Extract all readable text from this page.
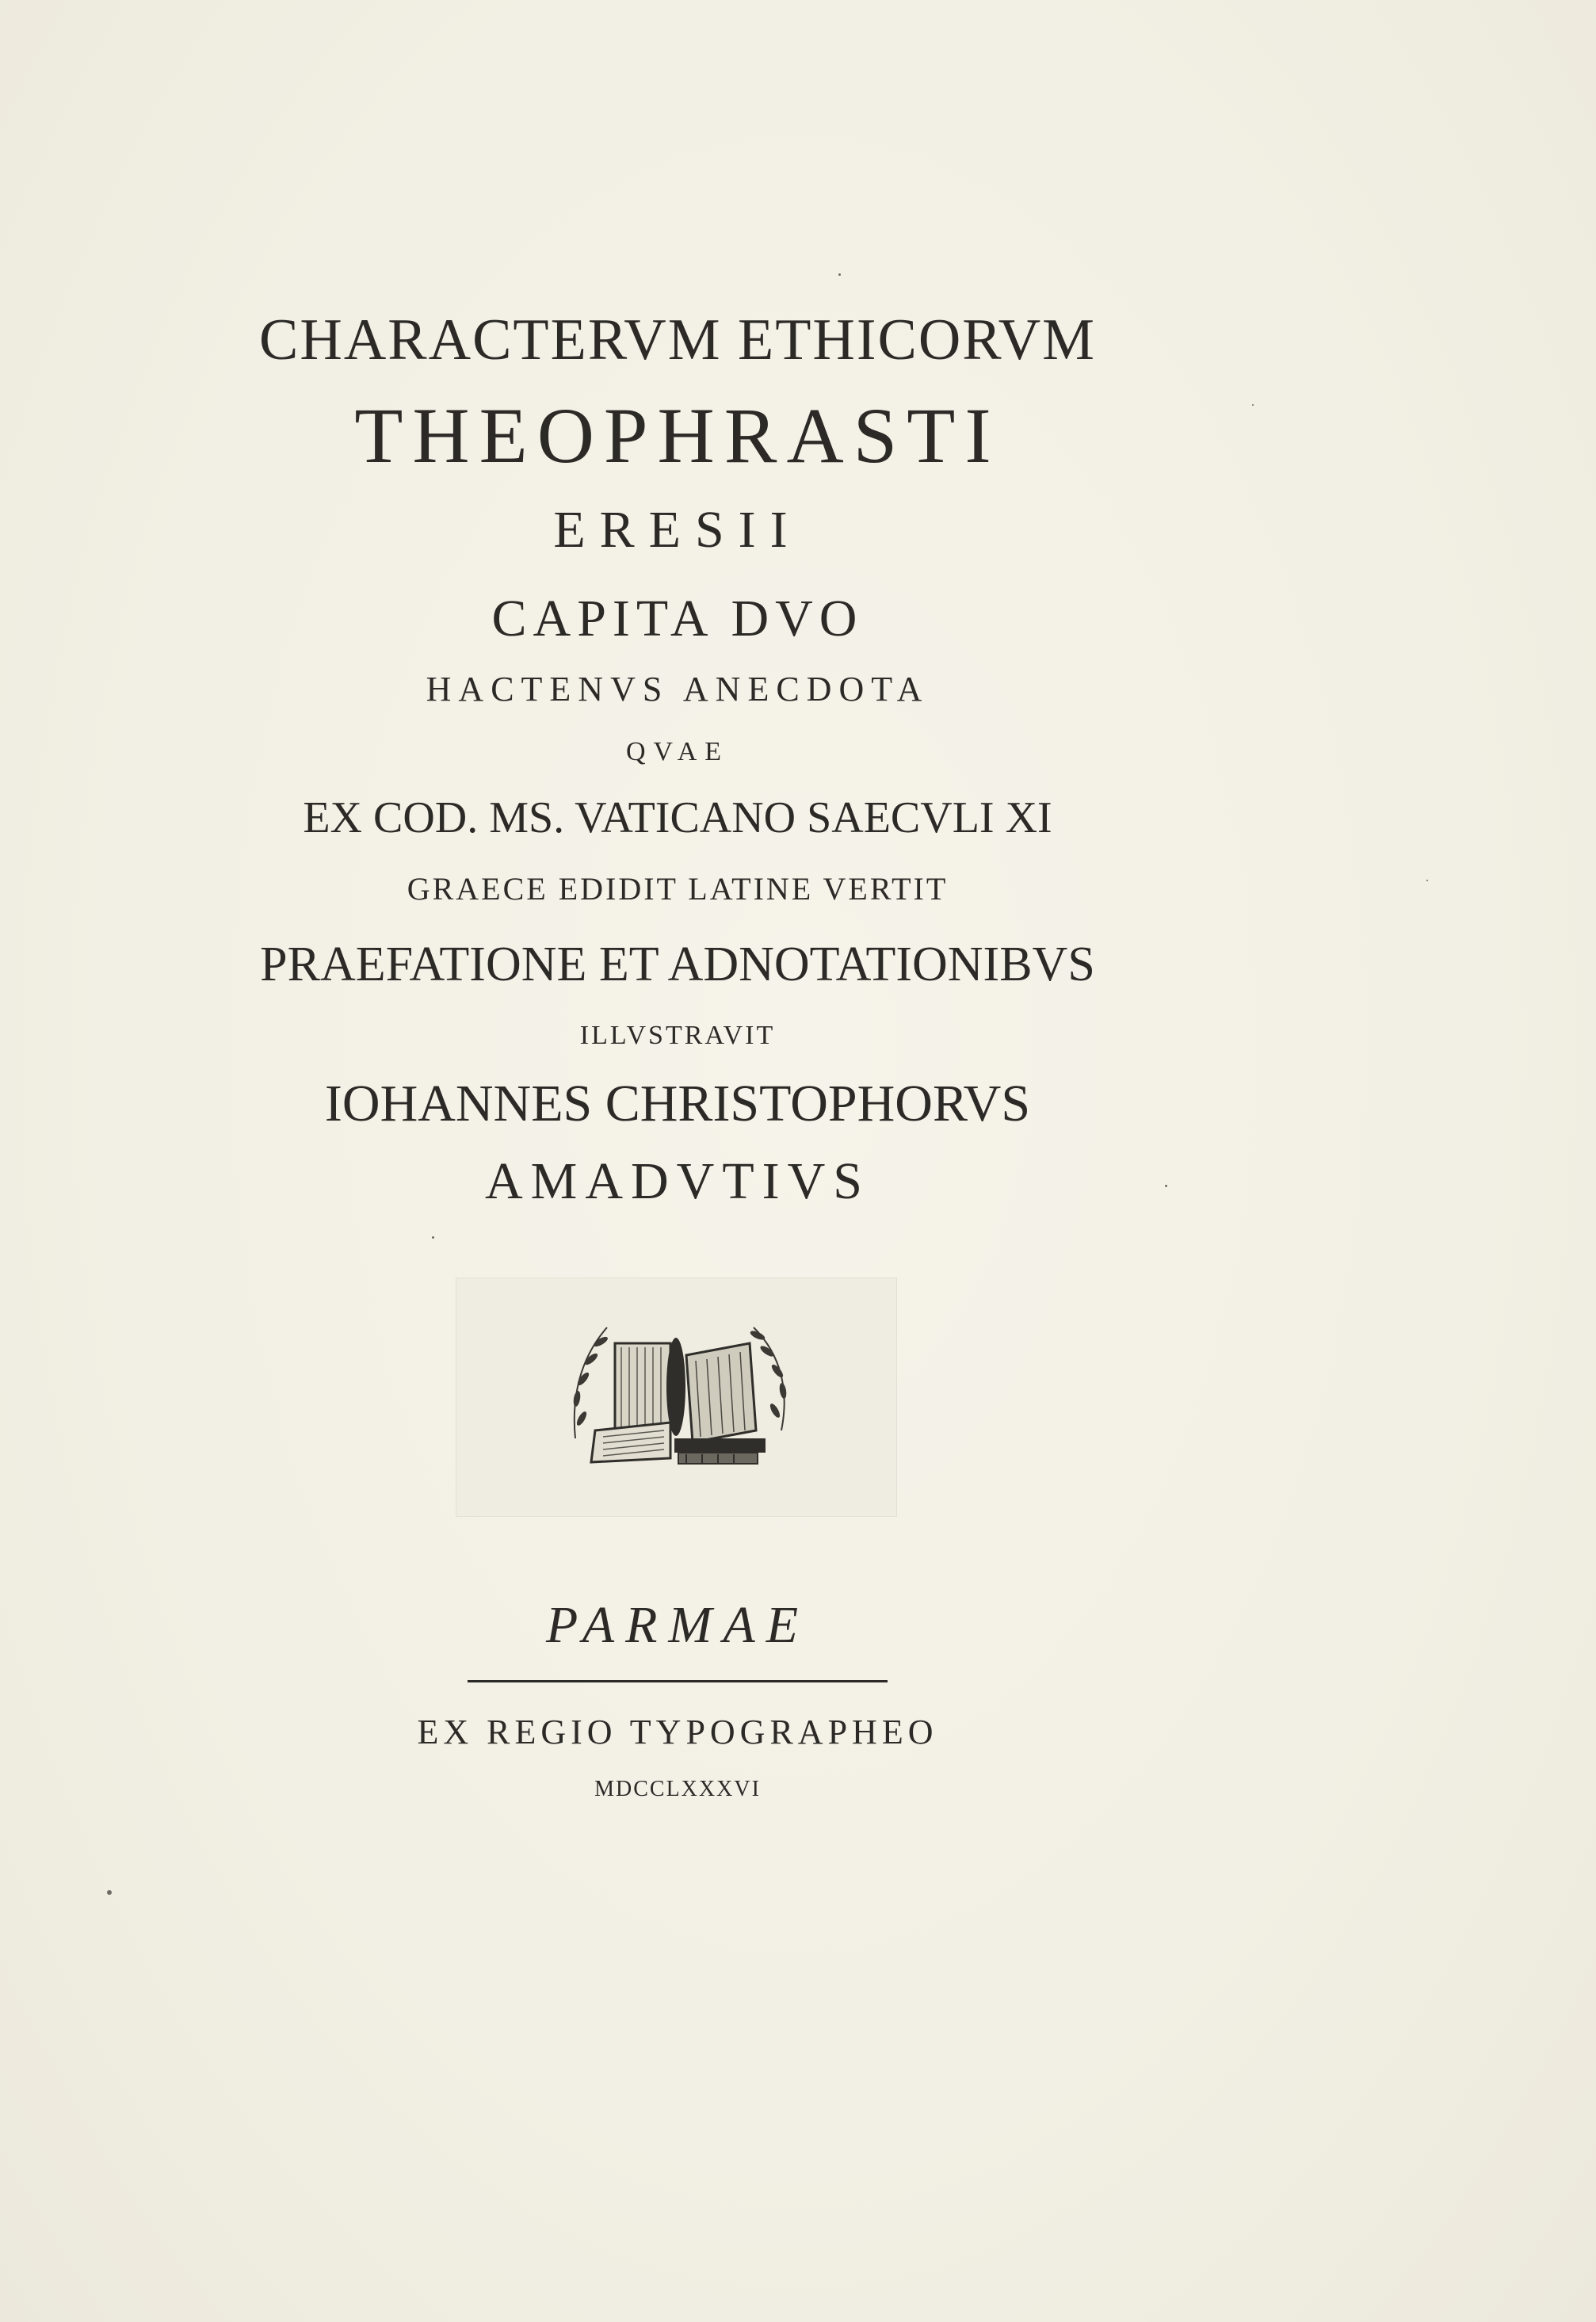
CHARACTERVM ETHICORVM
THEOPHRASTI
ERESII
CAPITA DVO
HACTENVS ANECDOTA
QVAE
EX COD. MS. VATICANO SAECVLI XI
GRAECE EDIDIT LATINE VERTIT
PRAEFATIONE ET ADNOTATIONIBVS
ILLVSTRAVIT
IOHANNES CHRISTOPHORVS
AMADVTIVS
PARMAE
EX REGIO TYPOGRAPHEO
MDCCLXXXVI
